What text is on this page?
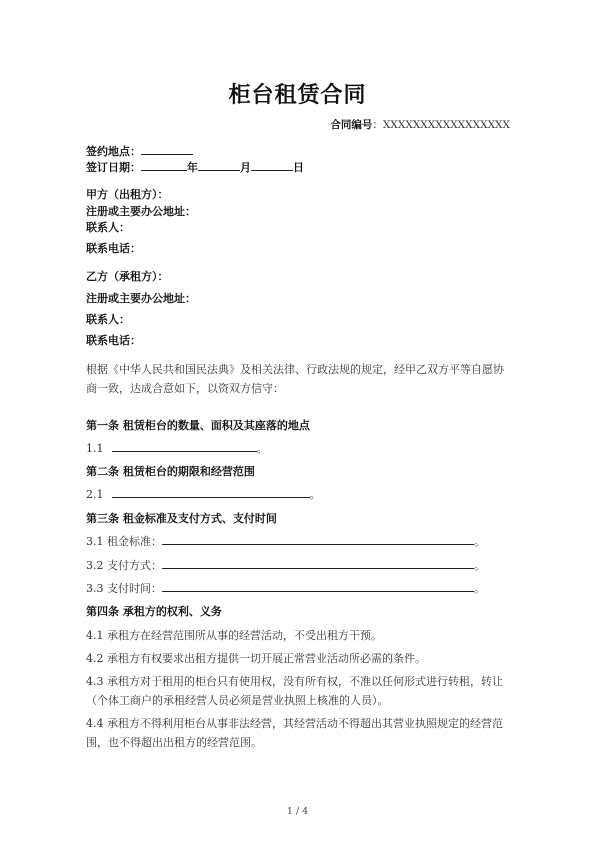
柜台租赁合同
合同编号：XXXXXXXXXXXXXXXXX
签约地点：
签订日期：	年	月	日
甲方（出租方）：
注册或主要办公地址：
联系人：
联系电话：
乙方（承租方）：
注册或主要办公地址：
联系人：
联系电话：
根据《中华人民共和国民法典》及相关法律、行政法规的规定，经甲乙双方平等自愿协商一致，达成合意如下，以资双方信守：
第一条 租赁柜台的数量、面积及其座落的地点
1.1	。
第二条 租赁柜台的期限和经营范围
2.1	。
第三条 租金标准及支付方式、支付时间
3.1 租金标准：	。
3.2 支付方式：	。
3.3 支付时间：	。
第四条 承租方的权利、义务
4.1 承租方在经营范围所从事的经营活动，不受出租方干预。
4.2 承租方有权要求出租方提供一切开展正常营业活动所必需的条件。
4.3 承租方对于租用的柜台只有使用权，没有所有权，不准以任何形式进行转租，转让（个体工商户的承租经营人员必须是营业执照上核准的人员）。
4.4 承租方不得利用柜台从事非法经营，其经营活动不得超出其营业执照规定的经营范围，也不得超出出租方的经营范围。
1 / 4
